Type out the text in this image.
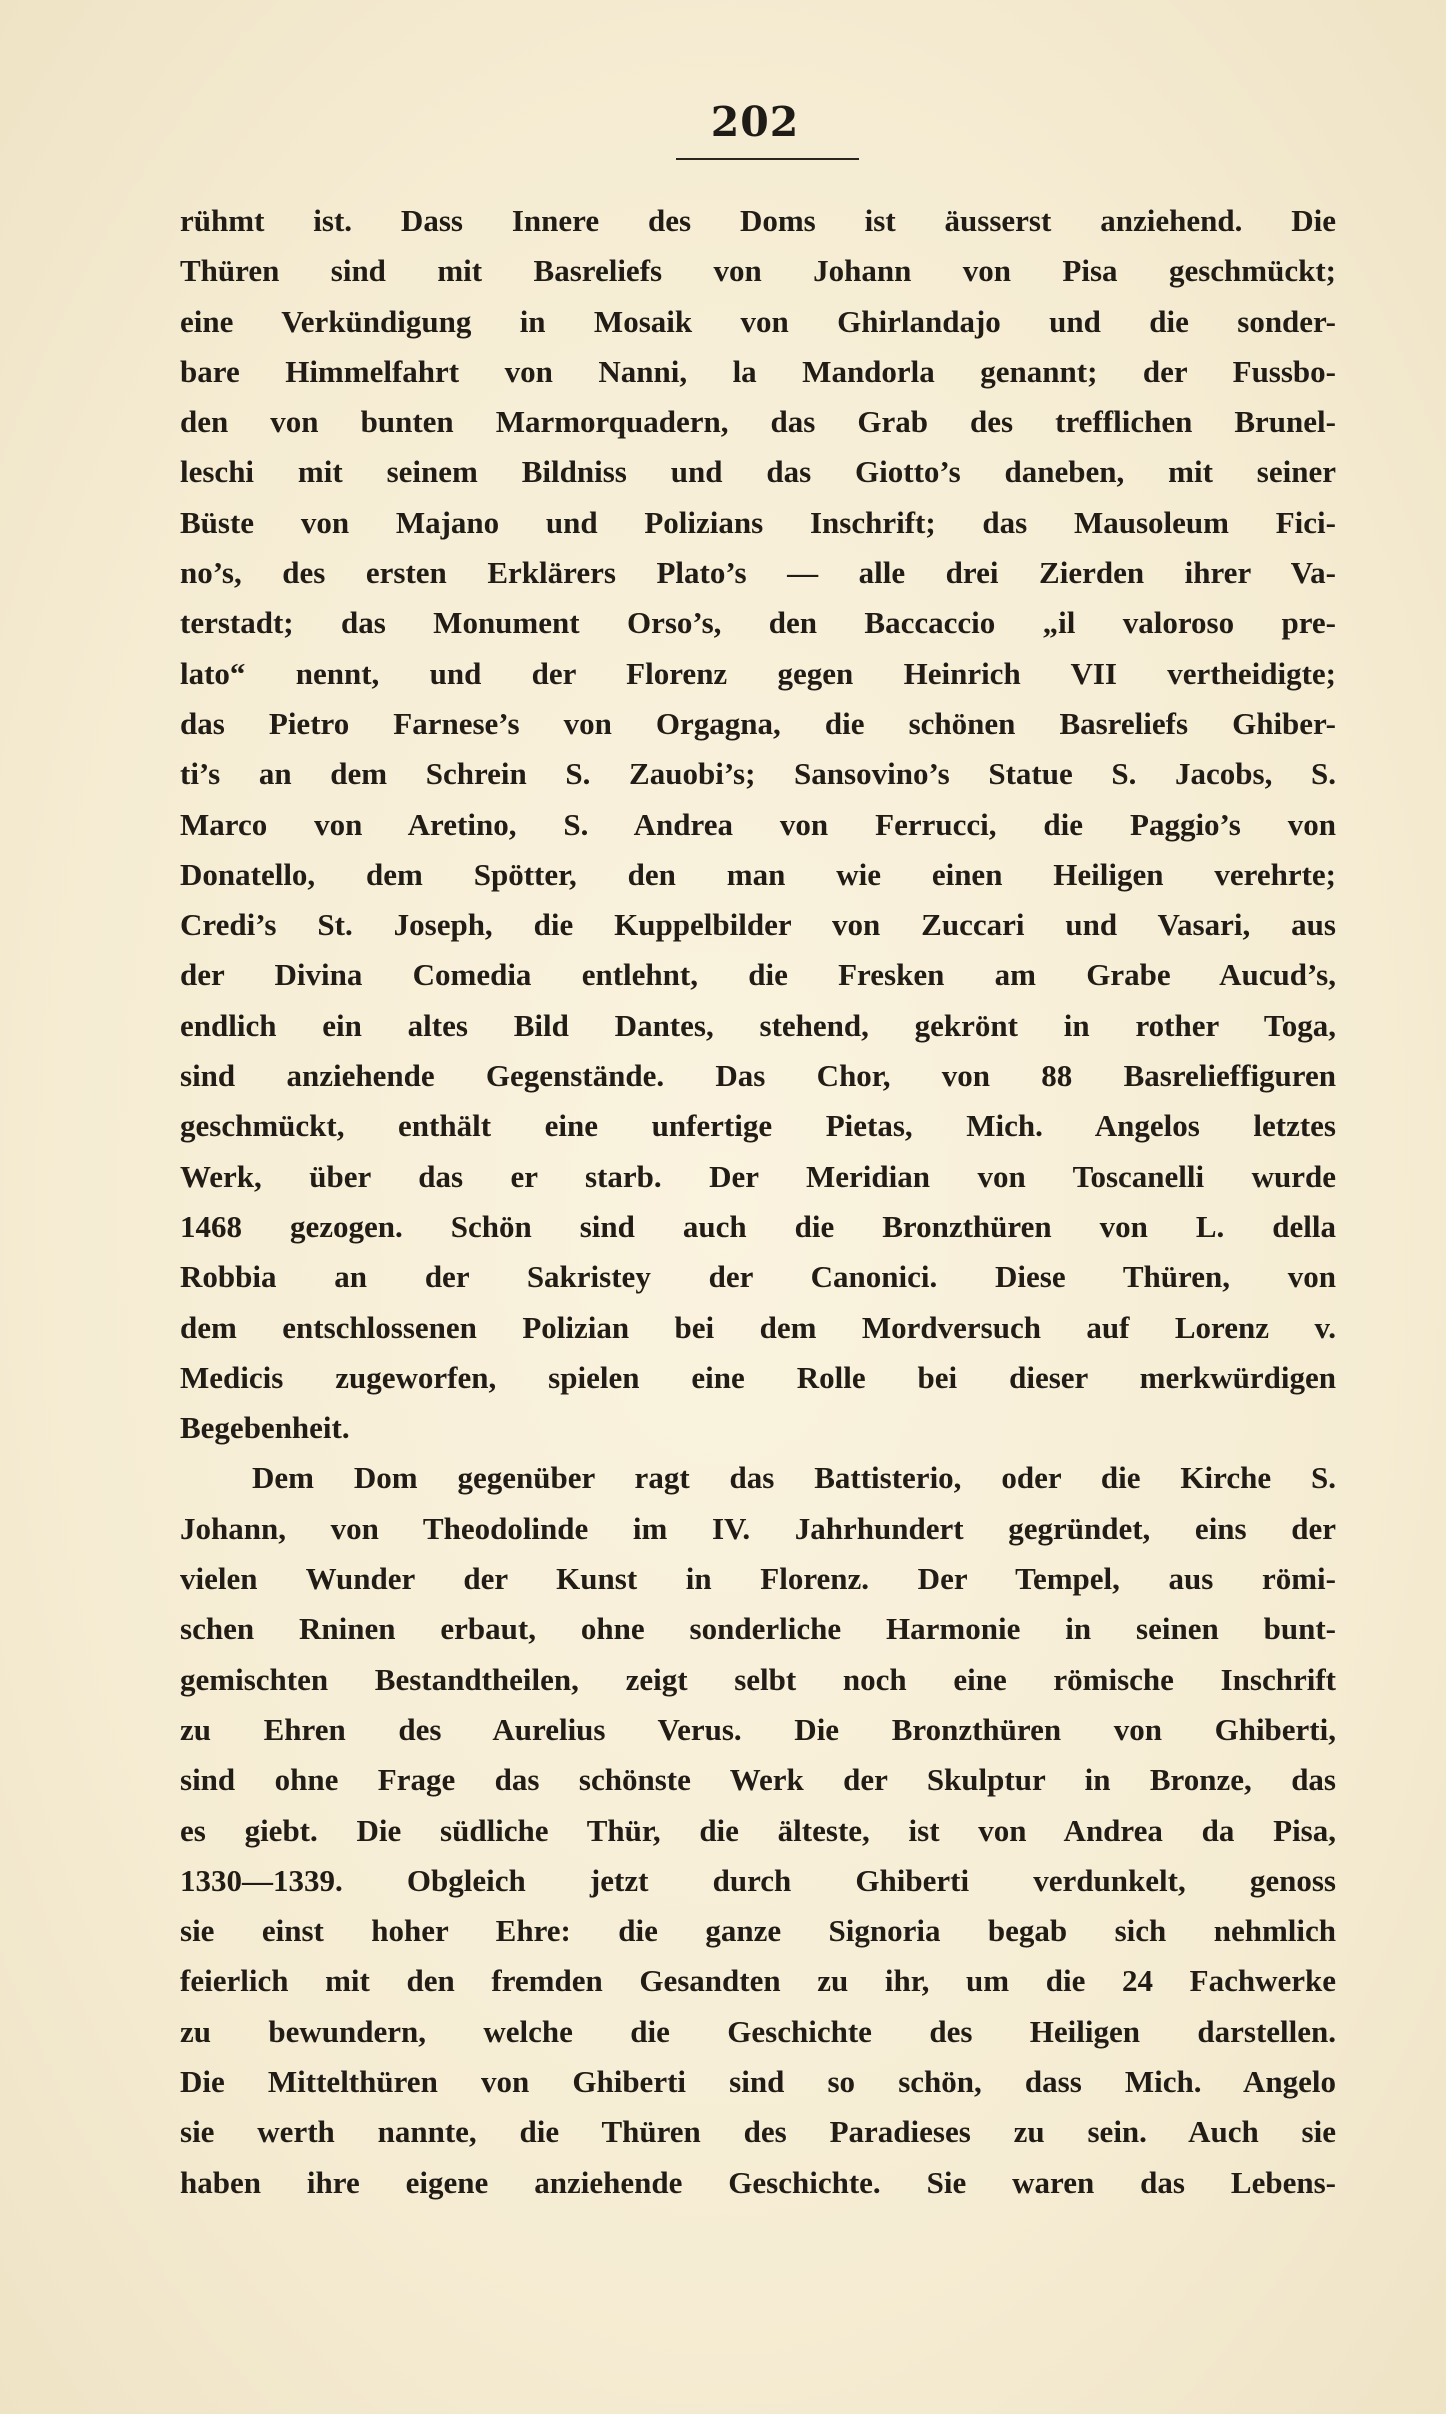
202
rühmt ist. Dass Innere des Doms ist äusserst anziehend. Die
Thüren sind mit Basreliefs von Johann von Pisa geschmückt;
eine Verkündigung in Mosaik von Ghirlandajo und die sonder-
bare Himmelfahrt von Nanni, la Mandorla genannt; der Fussbo-
den von bunten Marmorquadern, das Grab des trefflichen Brunel-
leschi mit seinem Bildniss und das Giotto’s daneben, mit seiner
Büste von Majano und Polizians Inschrift; das Mausoleum Fici-
no’s, des ersten Erklärers Plato’s — alle drei Zierden ihrer Va-
terstadt; das Monument Orso’s, den Baccaccio „il valoroso pre-
lato“ nennt, und der Florenz gegen Heinrich VII vertheidigte;
das Pietro Farnese’s von Orgagna, die schönen Basreliefs Ghiber-
ti’s an dem Schrein S. Zauobi’s; Sansovino’s Statue S. Jacobs, S.
Marco von Aretino, S. Andrea von Ferrucci, die Paggio’s von
Donatello, dem Spötter, den man wie einen Heiligen verehrte;
Credi’s St. Joseph, die Kuppelbilder von Zuccari und Vasari, aus
der Divina Comedia entlehnt, die Fresken am Grabe Aucud’s,
endlich ein altes Bild Dantes, stehend, gekrönt in rother Toga,
sind anziehende Gegenstände. Das Chor, von 88 Basrelieffiguren
geschmückt, enthält eine unfertige Pietas, Mich. Angelos letztes
Werk, über das er starb. Der Meridian von Toscanelli wurde
1468 gezogen. Schön sind auch die Bronzthüren von L. della
Robbia an der Sakristey der Canonici. Diese Thüren, von
dem entschlossenen Polizian bei dem Mordversuch auf Lorenz v.
Medicis zugeworfen, spielen eine Rolle bei dieser merkwürdigen
Begebenheit.
Dem Dom gegenüber ragt das Battisterio, oder die Kirche S.
Johann, von Theodolinde im IV. Jahrhundert gegründet, eins der
vielen Wunder der Kunst in Florenz. Der Tempel, aus römi-
schen Rninen erbaut, ohne sonderliche Harmonie in seinen bunt-
gemischten Bestandtheilen, zeigt selbt noch eine römische Inschrift
zu Ehren des Aurelius Verus. Die Bronzthüren von Ghiberti,
sind ohne Frage das schönste Werk der Skulptur in Bronze, das
es giebt. Die südliche Thür, die älteste, ist von Andrea da Pisa,
1330—1339. Obgleich jetzt durch Ghiberti verdunkelt, genoss
sie einst hoher Ehre: die ganze Signoria begab sich nehmlich
feierlich mit den fremden Gesandten zu ihr, um die 24 Fachwerke
zu bewundern, welche die Geschichte des Heiligen darstellen.
Die Mittelthüren von Ghiberti sind so schön, dass Mich. Angelo
sie werth nannte, die Thüren des Paradieses zu sein. Auch sie
haben ihre eigene anziehende Geschichte. Sie waren das Lebens-
